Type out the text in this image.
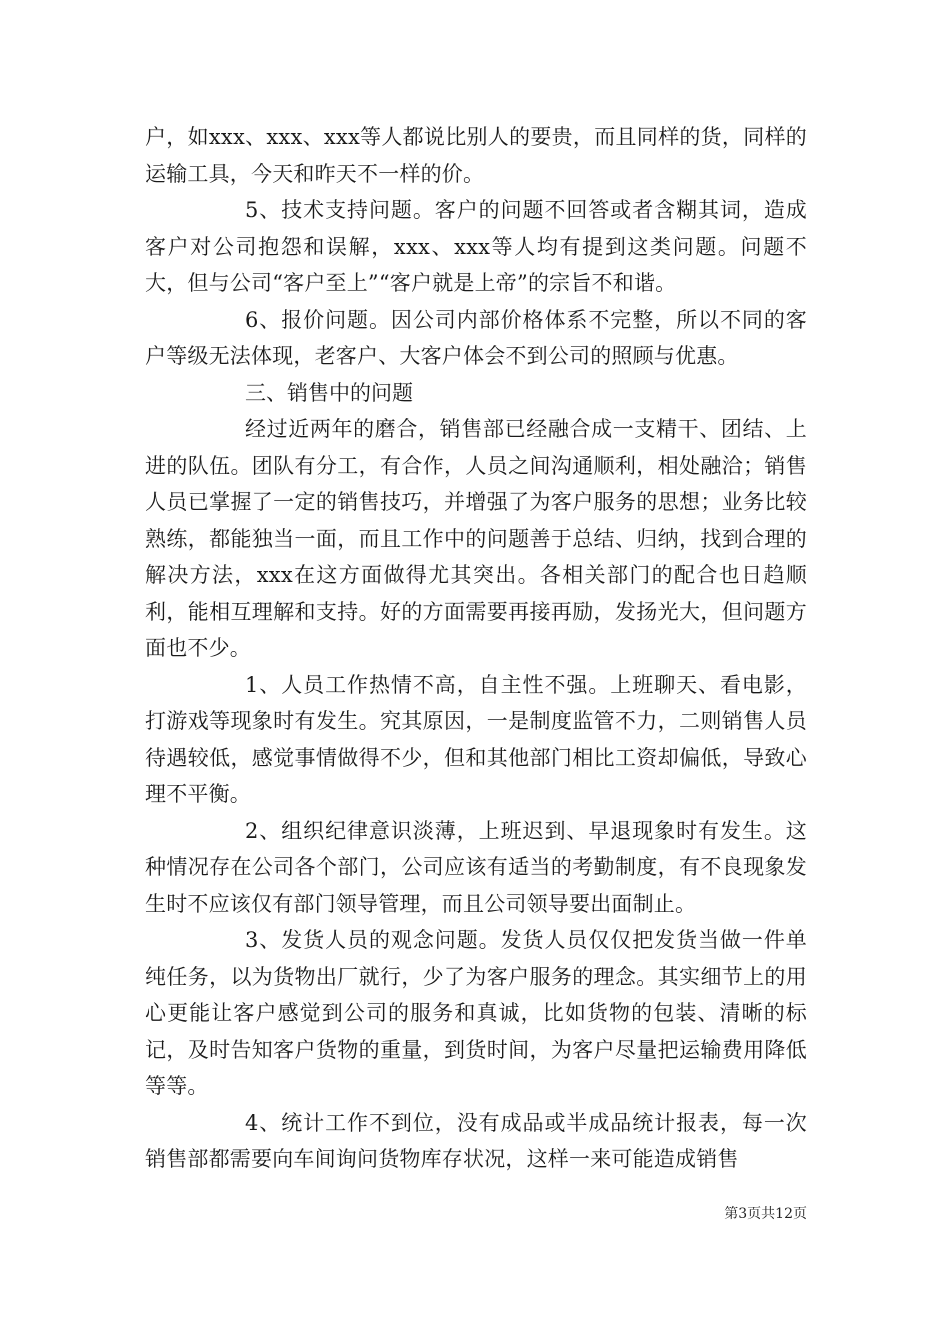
户，如xxx、xxx、xxx等人都说比别人的要贵，而且同样的货，同样的运输工具，今天和昨天不一样的价。

5、技术支持问题。客户的问题不回答或者含糊其词，造成客户对公司抱怨和误解，xxx、xxx等人均有提到这类问题。问题不大，但与公司“客户至上”“客户就是上帝”的宗旨不和谐。

6、报价问题。因公司内部价格体系不完整，所以不同的客户等级无法体现，老客户、大客户体会不到公司的照顾与优惠。

三、销售中的问题

经过近两年的磨合，销售部已经融合成一支精干、团结、上进的队伍。团队有分工，有合作，人员之间沟通顺利，相处融洽；销售人员已掌握了一定的销售技巧，并增强了为客户服务的思想；业务比较熟练，都能独当一面，而且工作中的问题善于总结、归纳，找到合理的解决方法，xxx在这方面做得尤其突出。各相关部门的配合也日趋顺利，能相互理解和支持。好的方面需要再接再励，发扬光大，但问题方面也不少。

1、人员工作热情不高，自主性不强。上班聊天、看电影，打游戏等现象时有发生。究其原因，一是制度监管不力，二则销售人员待遇较低，感觉事情做得不少，但和其他部门相比工资却偏低，导致心理不平衡。

2、组织纪律意识淡薄，上班迟到、早退现象时有发生。这种情况存在公司各个部门，公司应该有适当的考勤制度，有不良现象发生时不应该仅有部门领导管理，而且公司领导要出面制止。

3、发货人员的观念问题。发货人员仅仅把发货当做一件单纯任务，以为货物出厂就行，少了为客户服务的理念。其实细节上的用心更能让客户感觉到公司的服务和真诚，比如货物的包装、清晰的标记，及时告知客户货物的重量，到货时间，为客户尽量把运输费用降低等等。

4、统计工作不到位，没有成品或半成品统计报表，每一次销售部都需要向车间询问货物库存状况，这样一来可能造成销售

第3页共12页
